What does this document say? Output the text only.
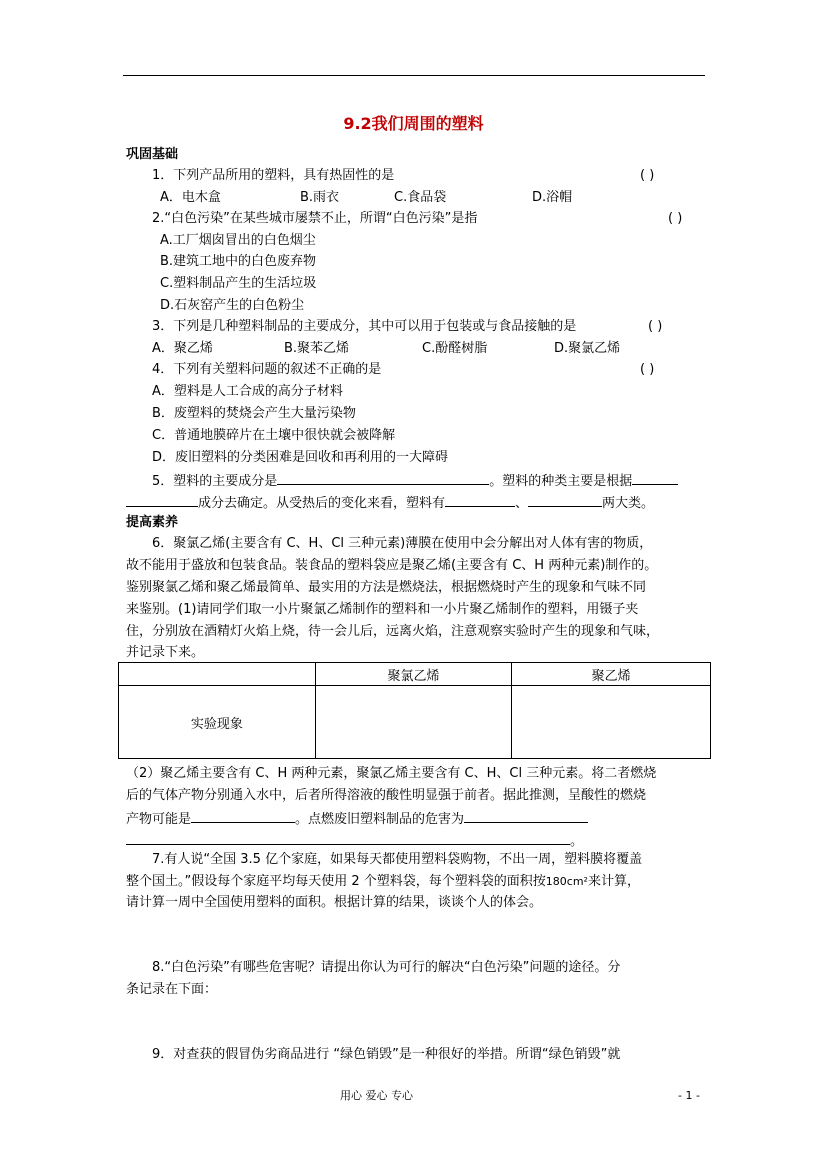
9.2我们周围的塑料
巩固基础
1．下列产品所用的塑料，具有热固性的是	( )
A．电木盒	B.雨衣	C.食品袋	D.浴帽
2.“白色污染”在某些城市屡禁不止，所谓“白色污染”是指	( )
A.工厂烟囱冒出的白色烟尘
B.建筑工地中的白色废弃物
C.塑料制品产生的生活垃圾
D.石灰窑产生的白色粉尘
3．下列是几种塑料制品的主要成分，其中可以用于包装或与食品接触的是	( )
A．聚乙烯	B.聚苯乙烯	C.酚醛树脂	D.聚氯乙烯
4．下列有关塑料问题的叙述不正确的是	( )
A．塑料是人工合成的高分子材料
B．废塑料的焚烧会产生大量污染物
C．普通地膜碎片在土壤中很快就会被降解
D．废旧塑料的分类困难是回收和再利用的一大障碍
5．塑料的主要成分是	。塑料的种类主要是根据
成分去确定。从受热后的变化来看，塑料有	、	两大类。
提高素养
6．聚氯乙烯(主要含有 C、H、Cl 三种元素)薄膜在使用中会分解出对人体有害的物质，
故不能用于盛放和包装食品。装食品的塑料袋应是聚乙烯(主要含有 C、H 两种元素)制作的。
鉴别聚氯乙烯和聚乙烯最简单、最实用的方法是燃烧法，根据燃烧时产生的现象和气味不同
来鉴别。(1)请同学们取一小片聚氯乙烯制作的塑料和一小片聚乙烯制作的塑料，用镊子夹
住，分别放在酒精灯火焰上烧，待一会儿后，远离火焰，注意观察实验时产生的现象和气味，
并记录下来。
	聚氯乙烯	聚乙烯
实验现象		
（2）聚乙烯主要含有 C、H 两种元素，聚氯乙烯主要含有 C、H、Cl 三种元素。将二者燃烧
后的气体产物分别通入水中，后者所得溶液的酸性明显强于前者。据此推测，呈酸性的燃烧
产物可能是	。点燃废旧塑料制品的危害为
。
7.有人说“全国 3.5 亿个家庭，如果每天都使用塑料袋购物，不出一周，塑料膜将覆盖
整个国土。”假设每个家庭平均每天使用 2 个塑料袋，每个塑料袋的面积按180cm²来计算，
请计算一周中全国使用塑料的面积。根据计算的结果，谈谈个人的体会。
8.“白色污染”有哪些危害呢？请提出你认为可行的解决“白色污染”问题的途径。分
条记录在下面：
9．对查获的假冒伪劣商品进行 “绿色销毁”是一种很好的举措。所谓“绿色销毁”就
用心 爱心 专心	- 1 -
